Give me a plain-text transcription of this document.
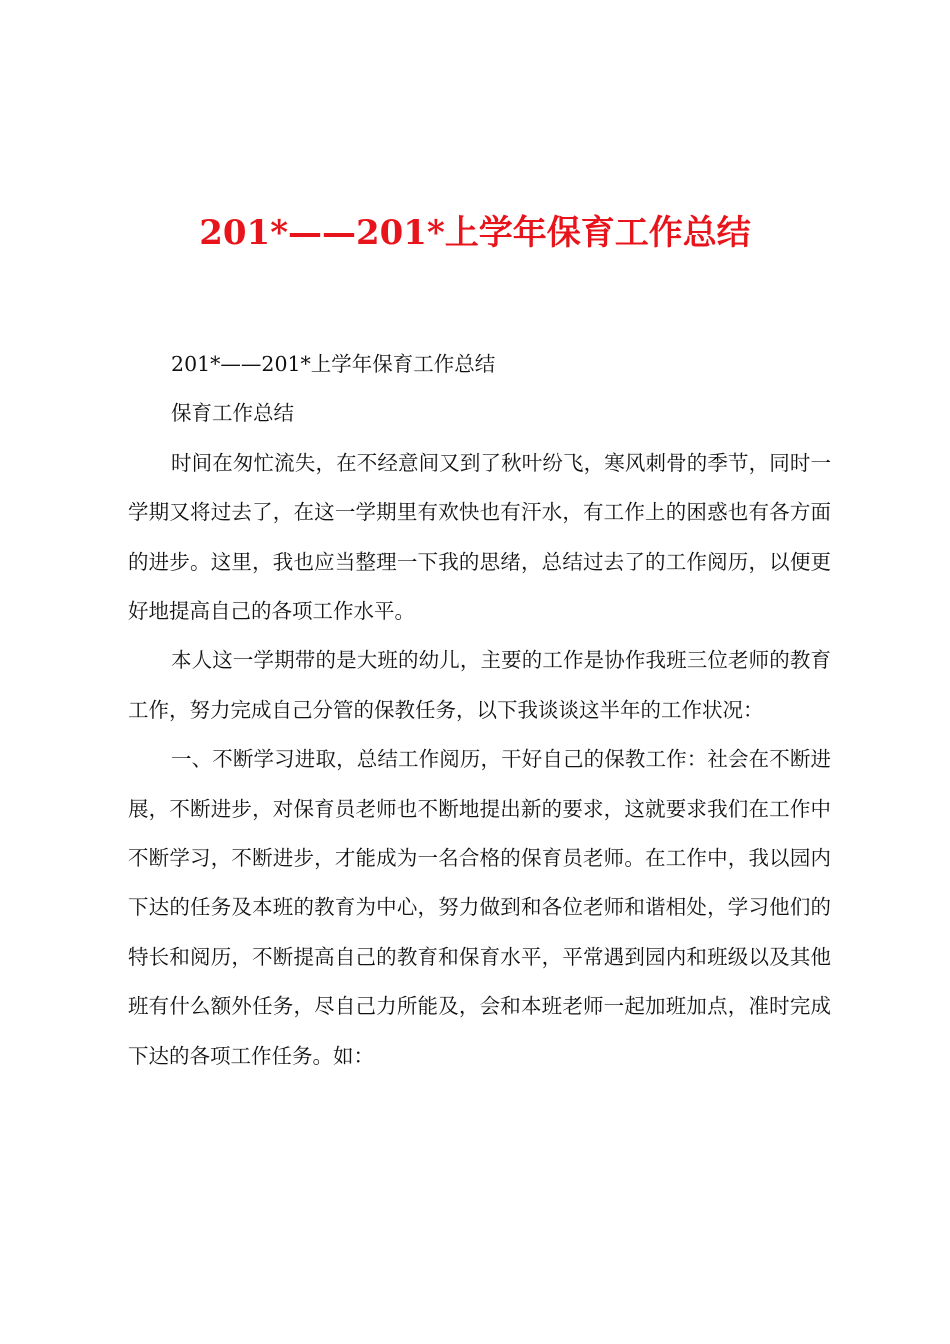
201*——201*上学年保育工作总结

201*——201*上学年保育工作总结

保育工作总结

时间在匆忙流失，在不经意间又到了秋叶纷飞，寒风刺骨的季节，同时一学期又将过去了，在这一学期里有欢快也有汗水，有工作上的困惑也有各方面的进步。这里，我也应当整理一下我的思绪，总结过去了的工作阅历，以便更好地提高自己的各项工作水平。

本人这一学期带的是大班的幼儿，主要的工作是协作我班三位老师的教育工作，努力完成自己分管的保教任务，以下我谈谈这半年的工作状况：

一、不断学习进取，总结工作阅历，干好自己的保教工作：社会在不断进展，不断进步，对保育员老师也不断地提出新的要求，这就要求我们在工作中不断学习，不断进步，才能成为一名合格的保育员老师。在工作中，我以园内下达的任务及本班的教育为中心，努力做到和各位老师和谐相处，学习他们的特长和阅历，不断提高自己的教育和保育水平，平常遇到园内和班级以及其他班有什么额外任务，尽自己力所能及，会和本班老师一起加班加点，准时完成下达的各项工作任务。如：
